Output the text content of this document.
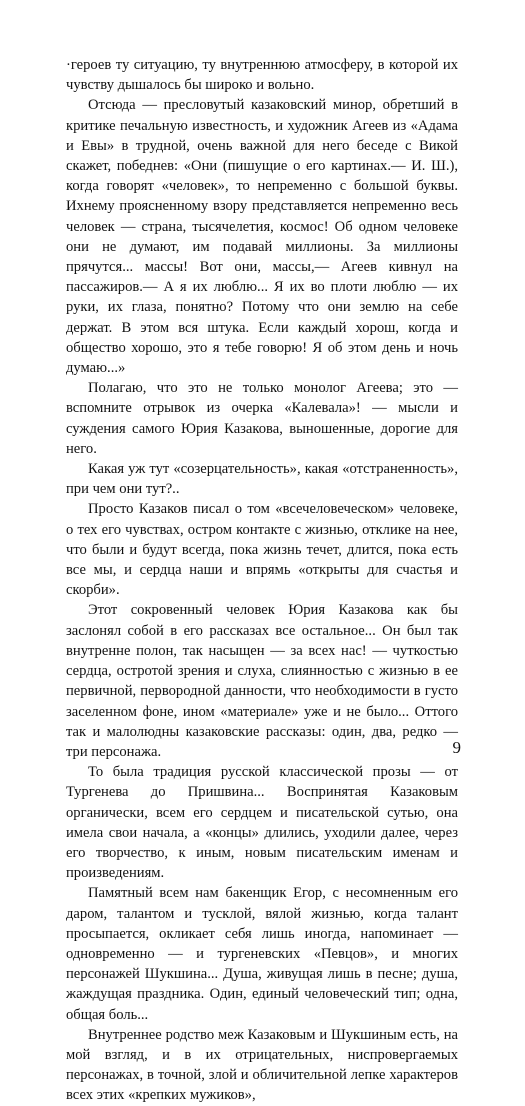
·героев ту ситуацию, ту внутреннюю атмосферу, в которой их чувству дышалось бы широко и вольно.

Отсюда — пресловутый казаковский минор, обретший в критике печальную известность, и художник Агеев из «Адама и Евы» в трудной, очень важной для него беседе с Викой скажет, победнев: «Они (пишущие о его картинах.— И. Ш.), когда говорят «человек», то непременно с большой буквы. Ихнему проясненному взору представляется непременно весь человек — страна, тысячелетия, космос! Об одном человеке они не думают, им подавай миллионы. За миллионы прячутся... массы! Вот они, массы,— Агеев кивнул на пассажиров.— А я их люблю... Я их во плоти люблю — их руки, их глаза, понятно? Потому что они землю на себе держат. В этом вся штука. Если каждый хорош, когда и общество хорошо, это я тебе говорю! Я об этом день и ночь думаю...»

Полагаю, что это не только монолог Агеева; это — вспомните отрывок из очерка «Калевала»! — мысли и суждения самого Юрия Казакова, выношенные, дорогие для него.

Какая уж тут «созерцательность», какая «отстраненность», при чем они тут?..

Просто Казаков писал о том «всечеловеческом» человеке, о тех его чувствах, остром контакте с жизнью, отклике на нее, что были и будут всегда, пока жизнь течет, длится, пока есть все мы, и сердца наши и впрямь «открыты для счастья и скорби».

Этот сокровенный человек Юрия Казакова как бы заслонял собой в его рассказах все остальное... Он был так внутренне полон, так насыщен — за всех нас! — чуткостью сердца, остротой зрения и слуха, слиянностью с жизнью в ее первичной, первородной данности, что необходимости в густо заселенном фоне, ином «материале» уже и не было... Оттого так и малолюдны казаковские рассказы: один, два, редко — три персонажа.

То была традиция русской классической прозы — от Тургенева до Пришвина... Воспринятая Казаковым органически, всем его сердцем и писательской сутью, она имела свои начала, а «концы» длились, уходили далее, через его творчество, к иным, новым писательским именам и произведениям.

Памятный всем нам бакенщик Егор, с несомненным его даром, талантом и тусклой, вялой жизнью, когда талант просыпается, окликает себя лишь иногда, напоминает — одновременно — и тургеневских «Певцов», и многих персонажей Шукшина... Душа, живущая лишь в песне; душа, жаждущая праздника. Один, единый человеческий тип; одна, общая боль...

Внутреннее родство меж Казаковым и Шукшиным есть, на мой взгляд, и в их отрицательных, ниспровергаемых персонажах, в точной, злой и обличительной лепке характеров всех этих «крепких мужиков»,

9
